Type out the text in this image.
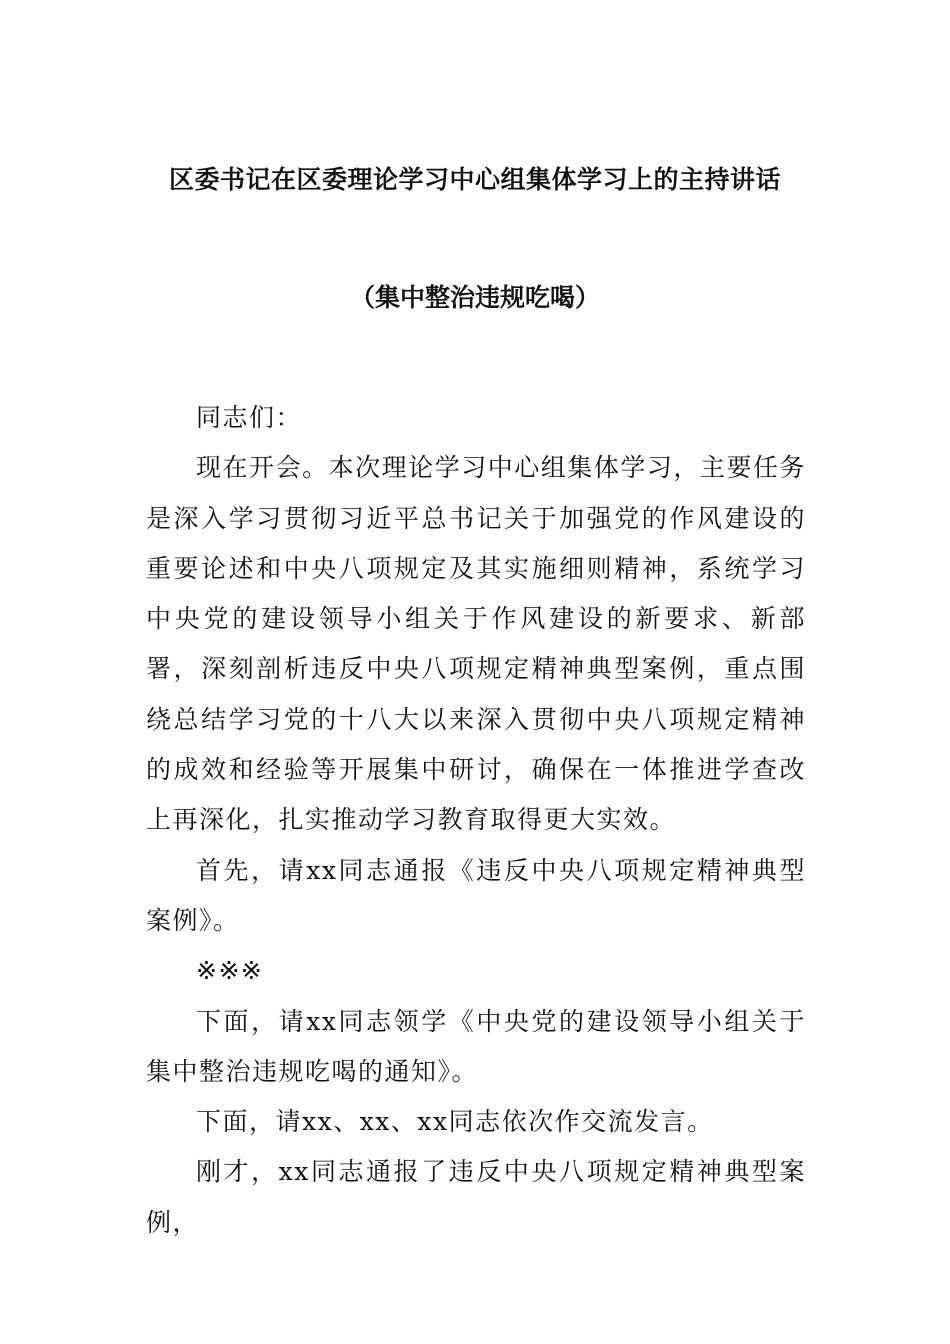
区委书记在区委理论学习中心组集体学习上的主持讲话
（集中整治违规吃喝）

同志们：

现在开会。本次理论学习中心组集体学习，主要任务是深入学习贯彻习近平总书记关于加强党的作风建设的重要论述和中央八项规定及其实施细则精神，系统学习中央党的建设领导小组关于作风建设的新要求、新部署，深刻剖析违反中央八项规定精神典型案例，重点围绕总结学习党的十八大以来深入贯彻中央八项规定精神的成效和经验等开展集中研讨，确保在一体推进学查改上再深化，扎实推动学习教育取得更大实效。

首先，请xx同志通报《违反中央八项规定精神典型案例》。

※※※

下面，请xx同志领学《中央党的建设领导小组关于集中整治违规吃喝的通知》。

下面，请xx、xx、xx同志依次作交流发言。

刚才，xx同志通报了违反中央八项规定精神典型案例，
